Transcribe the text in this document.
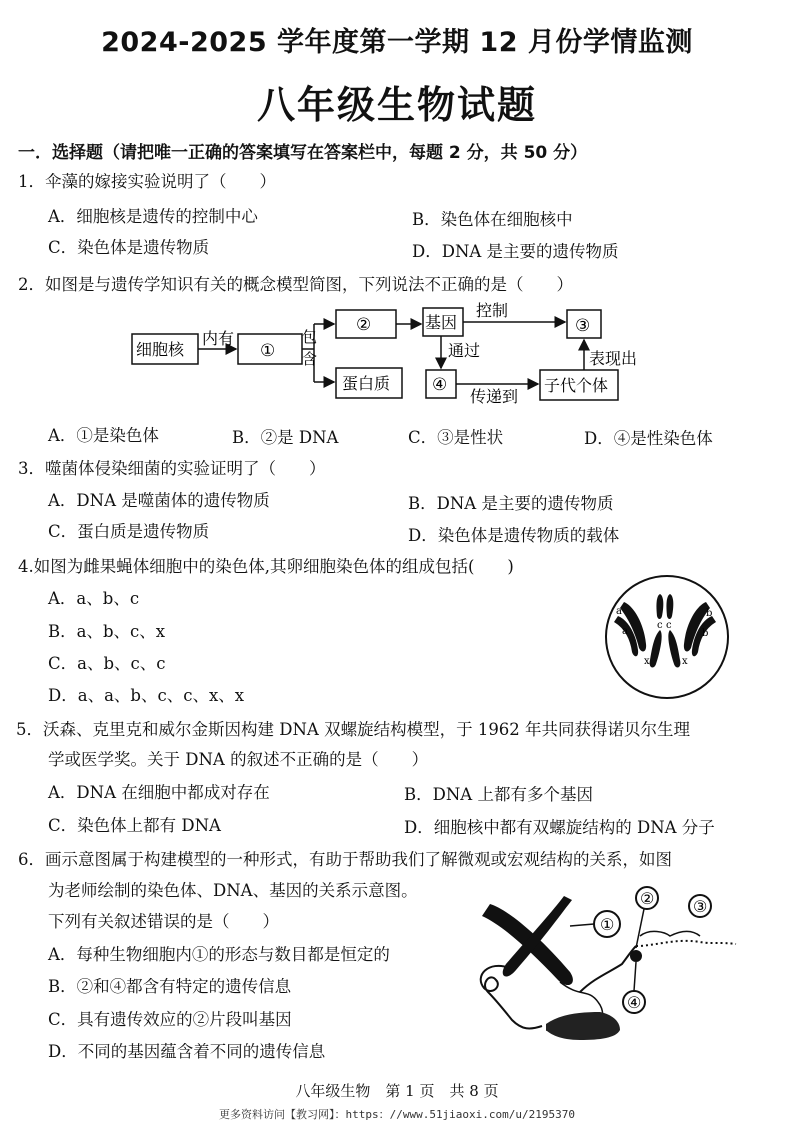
2024-2025 学年度第一学期 12 月份学情监测
八年级生物试题
一．选择题（请把唯一正确的答案填写在答案栏中，每题 2 分，共 50 分）
1．伞藻的嫁接实验说明了（　　）
A．细胞核是遗传的控制中心	B．染色体在细胞核中
C．染色体是遗传物质	D．DNA 是主要的遗传物质
2．如图是与遗传学知识有关的概念模型简图，下列说法不正确的是（　　）
细胞核
内有
①
包
含
②	基因
控制
③
蛋白质
通过	表现出
④
传递到
子代个体
A．①是染色体	B．②是 DNA	C．③是性状	D．④是性染色体
3．噬菌体侵染细菌的实验证明了（　　）
A．DNA 是噬菌体的遗传物质	B．DNA 是主要的遗传物质
C．蛋白质是遗传物质	D．染色体是遗传物质的载体
4.如图为雌果蝇体细胞中的染色体,其卵细胞染色体的组成包括(　　)
A．a、b、c
B．a、b、c、x
C．a、b、c、c
D．a、a、b、c、c、x、x
a
a
b
b
c c
x	x
5．沃森、克里克和威尔金斯因构建 DNA 双螺旋结构模型，于 1962 年共同获得诺贝尔生理
学或医学奖。关于 DNA 的叙述不正确的是（　　）
A．DNA 在细胞中都成对存在	B．DNA 上都有多个基因
C．染色体上都有 DNA	D．细胞核中都有双螺旋结构的 DNA 分子
6．画示意图属于构建模型的一种形式，有助于帮助我们了解微观或宏观结构的关系，如图
为老师绘制的染色体、DNA、基因的关系示意图。
下列有关叙述错误的是（　　）
A．每种生物细胞内①的形态与数目都是恒定的
B．②和④都含有特定的遗传信息
C．具有遗传效应的②片段叫基因
D．不同的基因蕴含着不同的遗传信息
①
② ③
④
八年级生物　第 1 页　共 8 页
更多资料访问【教习网】：https：//www.51jiaoxi.com/u/2195370
